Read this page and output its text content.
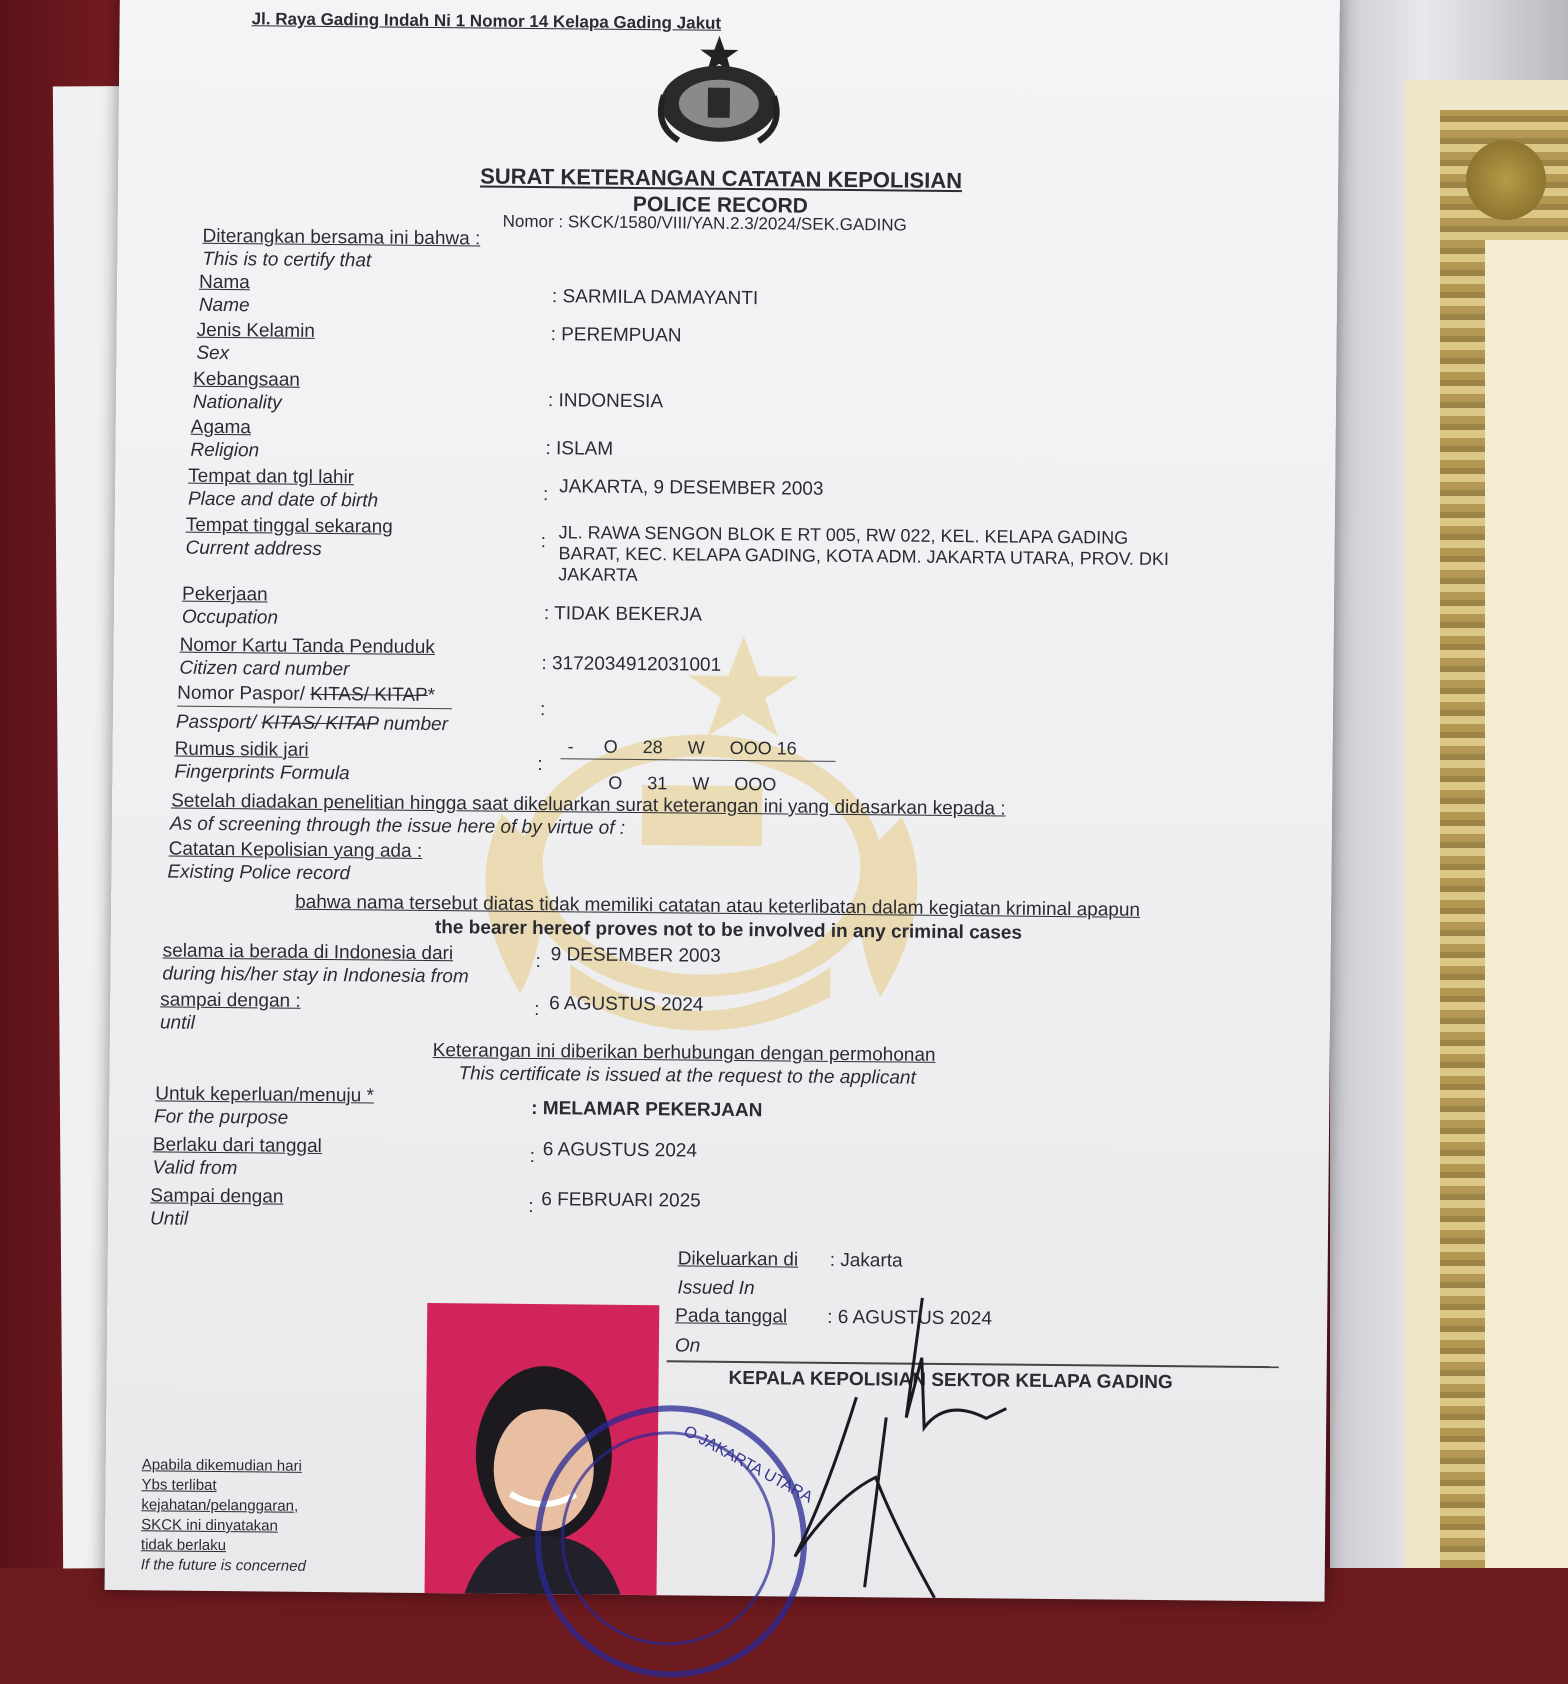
Jl. Raya Gading Indah Ni 1 Nomor 14 Kelapa Gading Jakut
SURAT KETERANGAN CATATAN KEPOLISIAN
POLICE RECORD
Nomor : SKCK/1580/VIII/YAN.2.3/2024/SEK.GADING
Diterangkan bersama ini bahwa :
This is to certify that
Nama
Name	: SARMILA DAMAYANTI
Jenis Kelamin
Sex
: PEREMPUAN
Kebangsaan
Nationality	: INDONESIA
Agama
Religion	: ISLAM
Tempat dan tgl lahir
Place and date of birth	: JAKARTA, 9 DESEMBER 2003
Tempat tinggal sekarang
Current address	: JL. RAWA SENGON BLOK E RT 005, RW 022, KEL. KELAPA GADING
BARAT, KEC. KELAPA GADING, KOTA ADM. JAKARTA UTARA, PROV. DKI
JAKARTA
Pekerjaan
Occupation	: TIDAK BEKERJA
Nomor Kartu Tanda Penduduk
Citizen card number	: 3172034912031001
Nomor Paspor/ KITAS/ KITAP*
Passport/ KITAS/ KITAP number
:
Rumus sidik jari
Fingerprints Formula	:
-      O     28     W     OOO 16
O     31     W     OOO
Setelah diadakan penelitian hingga saat dikeluarkan surat keterangan ini yang didasarkan kepada :
As of screening through the issue here of by virtue of :
Catatan Kepolisian yang ada :
Existing Police record
bahwa nama tersebut diatas tidak memiliki catatan atau keterlibatan dalam kegiatan kriminal apapun
the bearer hereof proves not to be involved in any criminal cases
selama ia berada di Indonesia dari
during his/her stay in Indonesia from
: 9 DESEMBER 2003
sampai dengan :
until
: 6 AGUSTUS 2024
Keterangan ini diberikan berhubungan dengan permohonan
This certificate is issued at the request to the applicant
Untuk keperluan/menuju *
For the purpose	: MELAMAR PEKERJAAN
Berlaku dari tanggal
Valid from
: 6 AGUSTUS 2024
Sampai dengan
Until
: 6 FEBRUARI 2025
Dikeluarkan di
Issued In
: Jakarta
Pada tanggal
On
: 6 AGUSTUS 2024
KEPALA KEPOLISIAN SEKTOR KELAPA GADING
O JAKARTA UTARA
Apabila dikemudian hari
Ybs terlibat
kejahatan/pelanggaran,
SKCK ini dinyatakan
tidak berlaku
If the future is concerned
